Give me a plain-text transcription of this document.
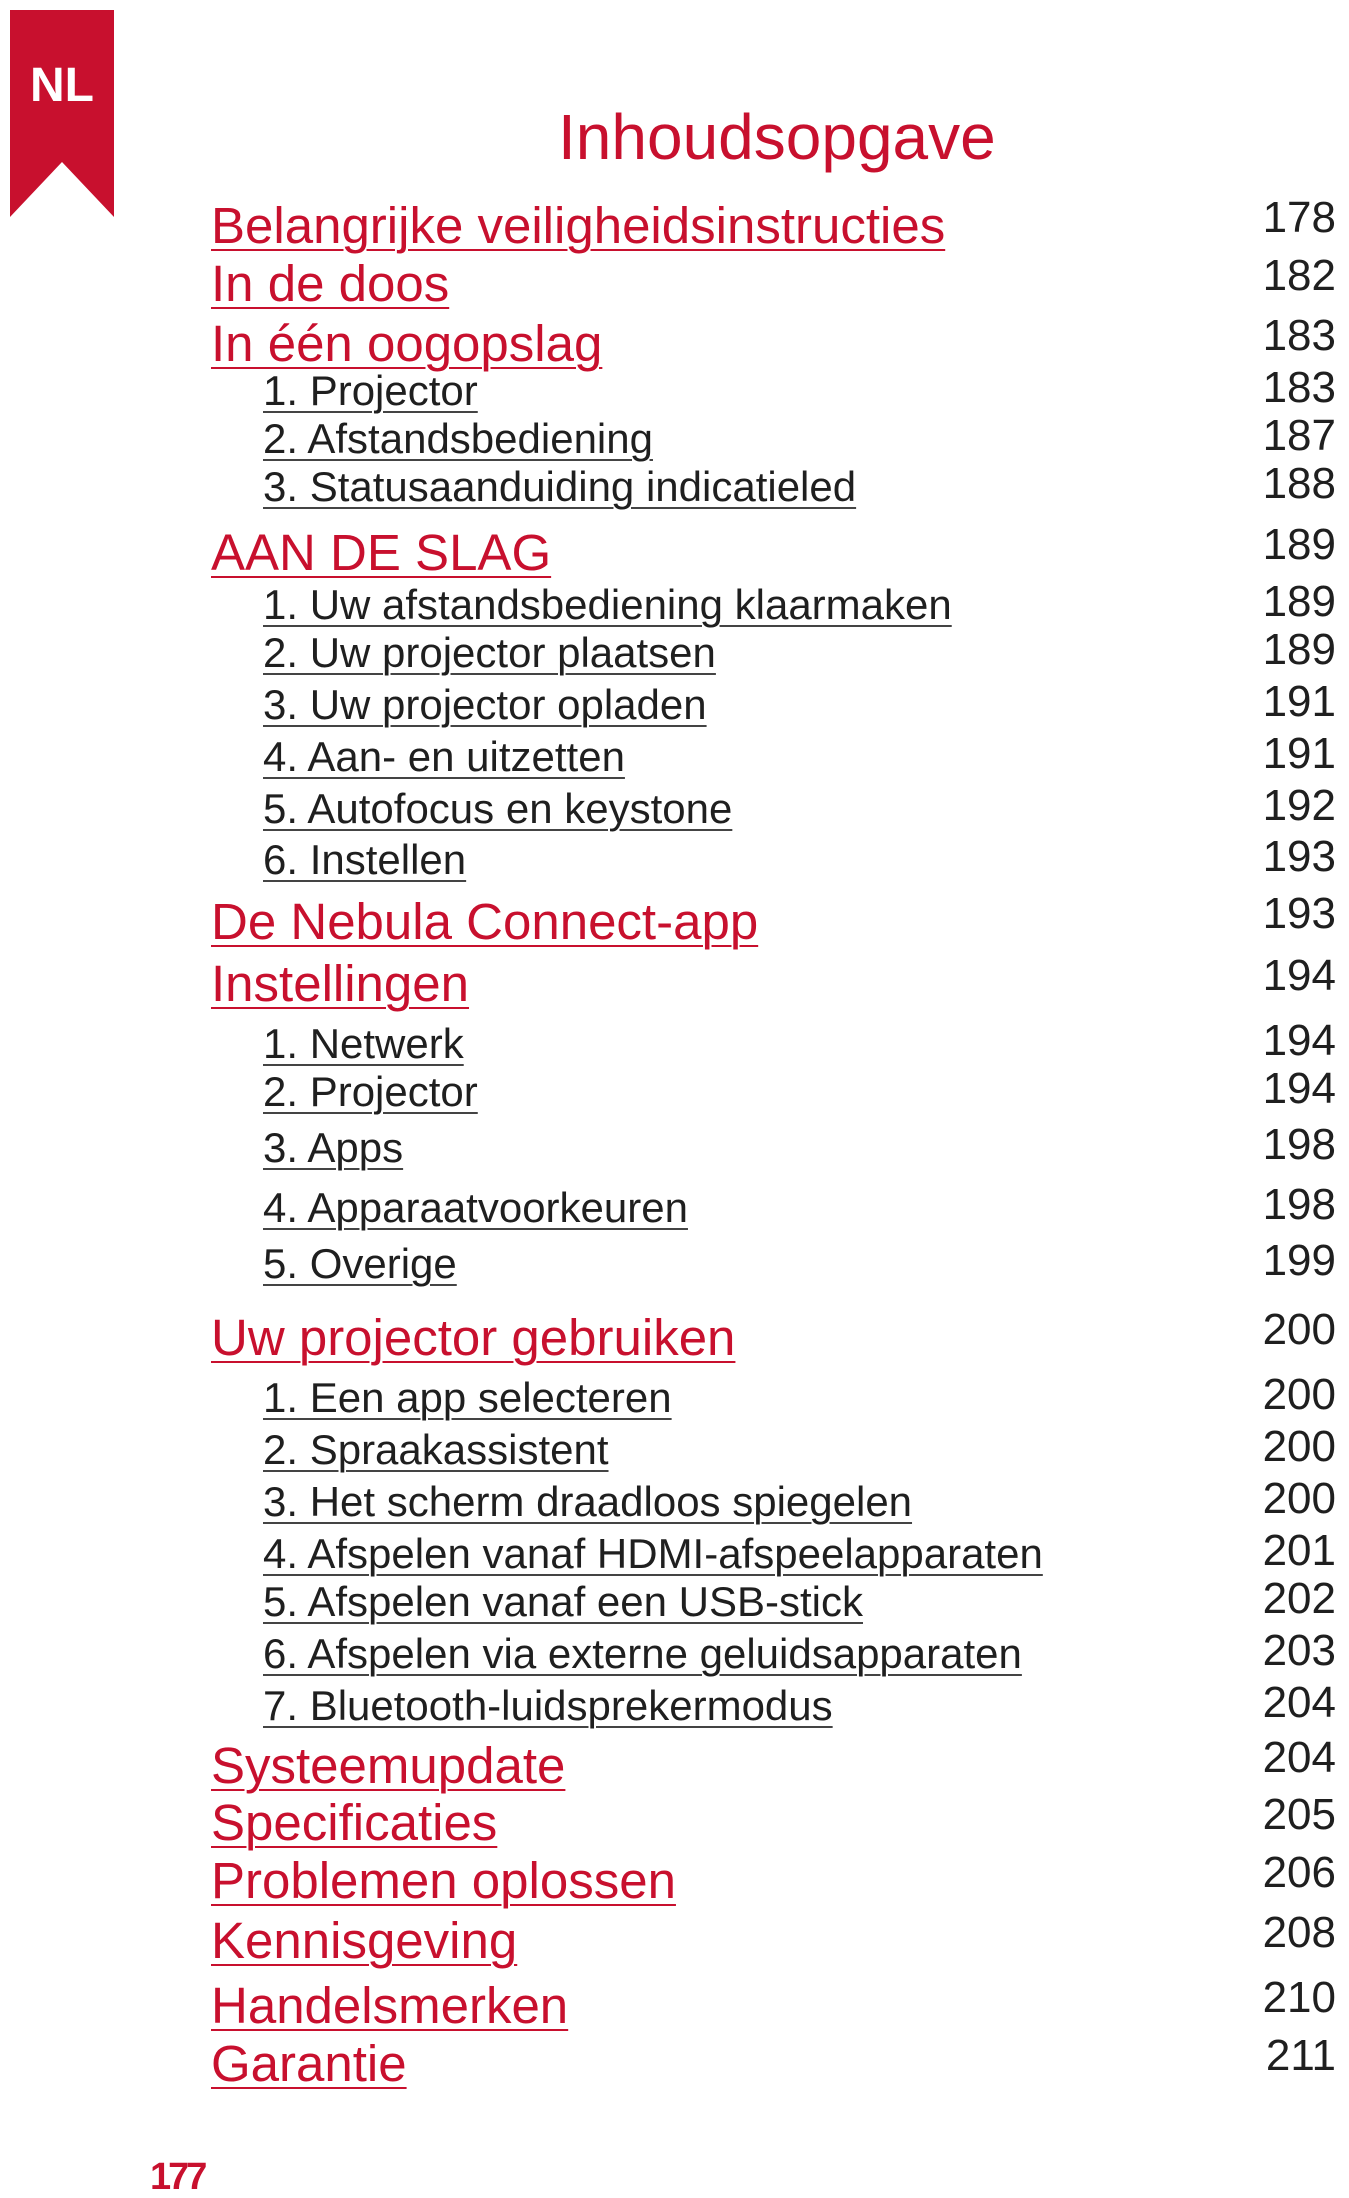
NL
Inhoudsopgave
Belangrijke veiligheidsinstructies	178
In de doos	182
In één oogopslag	183
1. Projector	183
2. Afstandsbediening	187
3. Statusaanduiding indicatieled	188
AAN DE SLAG	189
1. Uw afstandsbediening klaarmaken	189
2. Uw projector plaatsen	189
3. Uw projector opladen	191
4. Aan- en uitzetten	191
5. Autofocus en keystone	192
6. Instellen	193
De Nebula Connect-app	193
Instellingen	194
1. Netwerk	194
2. Projector	194
3. Apps	198
4. Apparaatvoorkeuren	198
5. Overige	199
Uw projector gebruiken	200
1. Een app selecteren	200
2. Spraakassistent	200
3. Het scherm draadloos spiegelen	200
4. Afspelen vanaf HDMI-afspeelapparaten	201
5. Afspelen vanaf een USB-stick	202
6. Afspelen via externe geluidsapparaten	203
7. Bluetooth-luidsprekermodus	204
Systeemupdate	204
Specificaties	205
Problemen oplossen	206
Kennisgeving	208
Handelsmerken	210
Garantie	211
177
